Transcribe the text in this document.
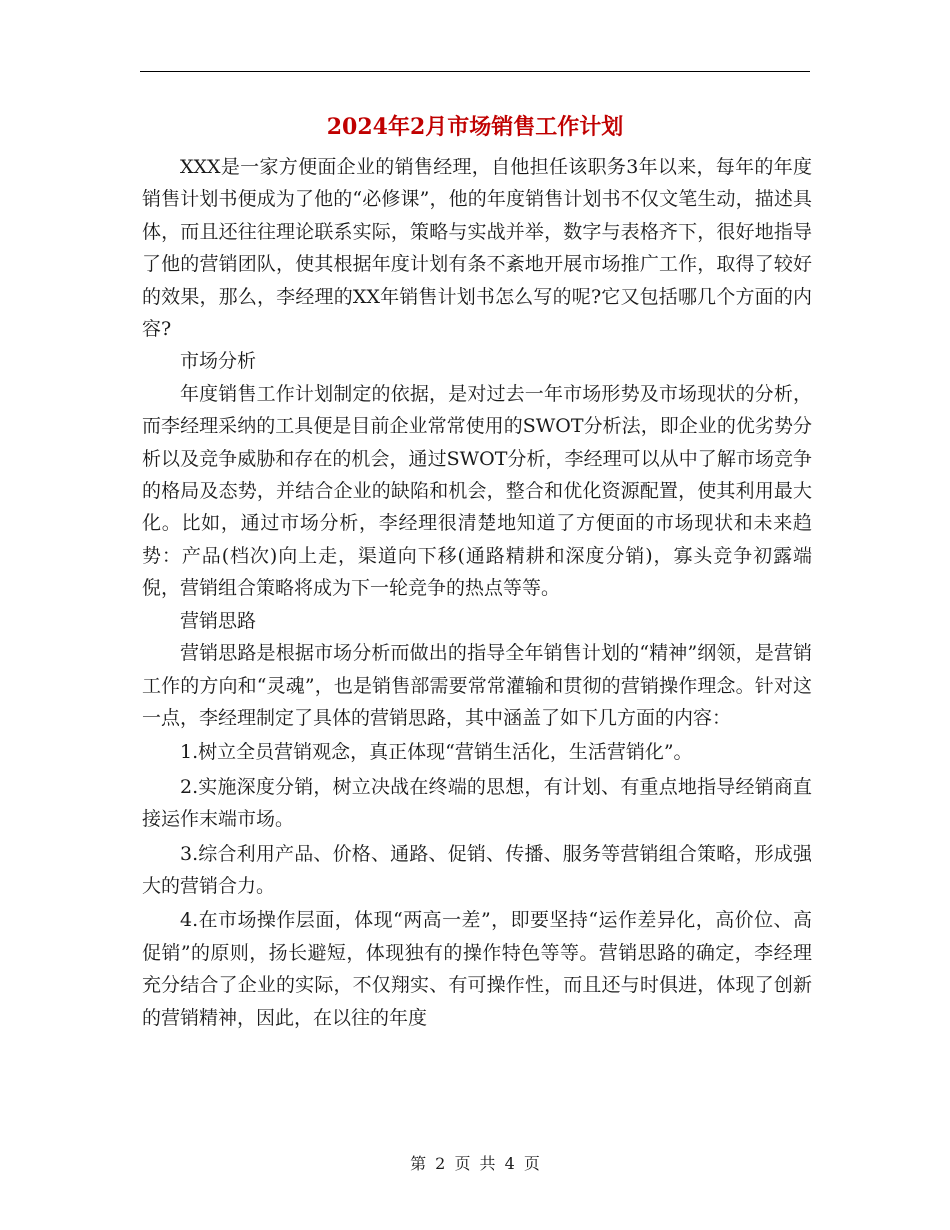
2024年2月市场销售工作计划

XXX是一家方便面企业的销售经理，自他担任该职务3年以来，每年的年度销售计划书便成为了他的“必修课”，他的年度销售计划书不仅文笔生动，描述具体，而且还往往理论联系实际，策略与实战并举，数字与表格齐下，很好地指导了他的营销团队，使其根据年度计划有条不紊地开展市场推广工作，取得了较好的效果，那么，李经理的XX年销售计划书怎么写的呢?它又包括哪几个方面的内容?

市场分析

年度销售工作计划制定的依据，是对过去一年市场形势及市场现状的分析，而李经理采纳的工具便是目前企业常常使用的SWOT分析法，即企业的优劣势分析以及竞争威胁和存在的机会，通过SWOT分析，李经理可以从中了解市场竞争的格局及态势，并结合企业的缺陷和机会，整合和优化资源配置，使其利用最大化。比如，通过市场分析，李经理很清楚地知道了方便面的市场现状和未来趋势：产品(档次)向上走，渠道向下移(通路精耕和深度分销)，寡头竞争初露端倪，营销组合策略将成为下一轮竞争的热点等等。

营销思路

营销思路是根据市场分析而做出的指导全年销售计划的“精神”纲领，是营销工作的方向和“灵魂”，也是销售部需要常常灌输和贯彻的营销操作理念。针对这一点，李经理制定了具体的营销思路，其中涵盖了如下几方面的内容：

1.树立全员营销观念，真正体现“营销生活化，生活营销化”。

2.实施深度分销，树立决战在终端的思想，有计划、有重点地指导经销商直接运作末端市场。

3.综合利用产品、价格、通路、促销、传播、服务等营销组合策略，形成强大的营销合力。

4.在市场操作层面，体现“两高一差”，即要坚持“运作差异化，高价位、高促销”的原则，扬长避短，体现独有的操作特色等等。营销思路的确定，李经理充分结合了企业的实际，不仅翔实、有可操作性，而且还与时俱进，体现了创新的营销精神，因此，在以往的年度

第 2 页 共 4 页
